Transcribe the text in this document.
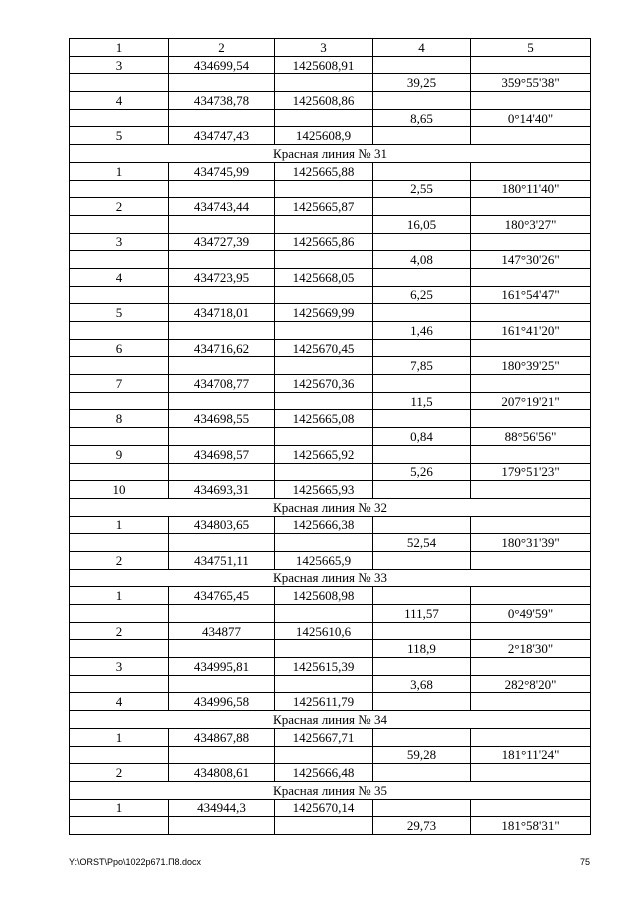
1	2	3	4	5
3	434699,54	1425608,91		
			39,25	359°55'38"
4	434738,78	1425608,86		
			8,65	0°14'40"
5	434747,43	1425608,9		
Красная линия № 31				
1	434745,99	1425665,88		
			2,55	180°11'40"
2	434743,44	1425665,87		
			16,05	180°3'27"
3	434727,39	1425665,86		
			4,08	147°30'26"
4	434723,95	1425668,05		
			6,25	161°54'47"
5	434718,01	1425669,99		
			1,46	161°41'20"
6	434716,62	1425670,45		
			7,85	180°39'25"
7	434708,77	1425670,36		
			11,5	207°19'21"
8	434698,55	1425665,08		
			0,84	88°56'56"
9	434698,57	1425665,92		
			5,26	179°51'23"
10	434693,31	1425665,93		
Красная линия № 32				
1	434803,65	1425666,38		
			52,54	180°31'39"
2	434751,11	1425665,9		
Красная линия № 33				
1	434765,45	1425608,98		
			111,57	0°49'59"
2	434877	1425610,6		
			118,9	2°18'30"
3	434995,81	1425615,39		
			3,68	282°8'20"
4	434996,58	1425611,79		
Красная линия № 34				
1	434867,88	1425667,71		
			59,28	181°11'24"
2	434808,61	1425666,48		
Красная линия № 35				
1	434944,3	1425670,14		
			29,73	181°58'31"
Y:\ORST\Ppo\1022p671.П8.docx	75
